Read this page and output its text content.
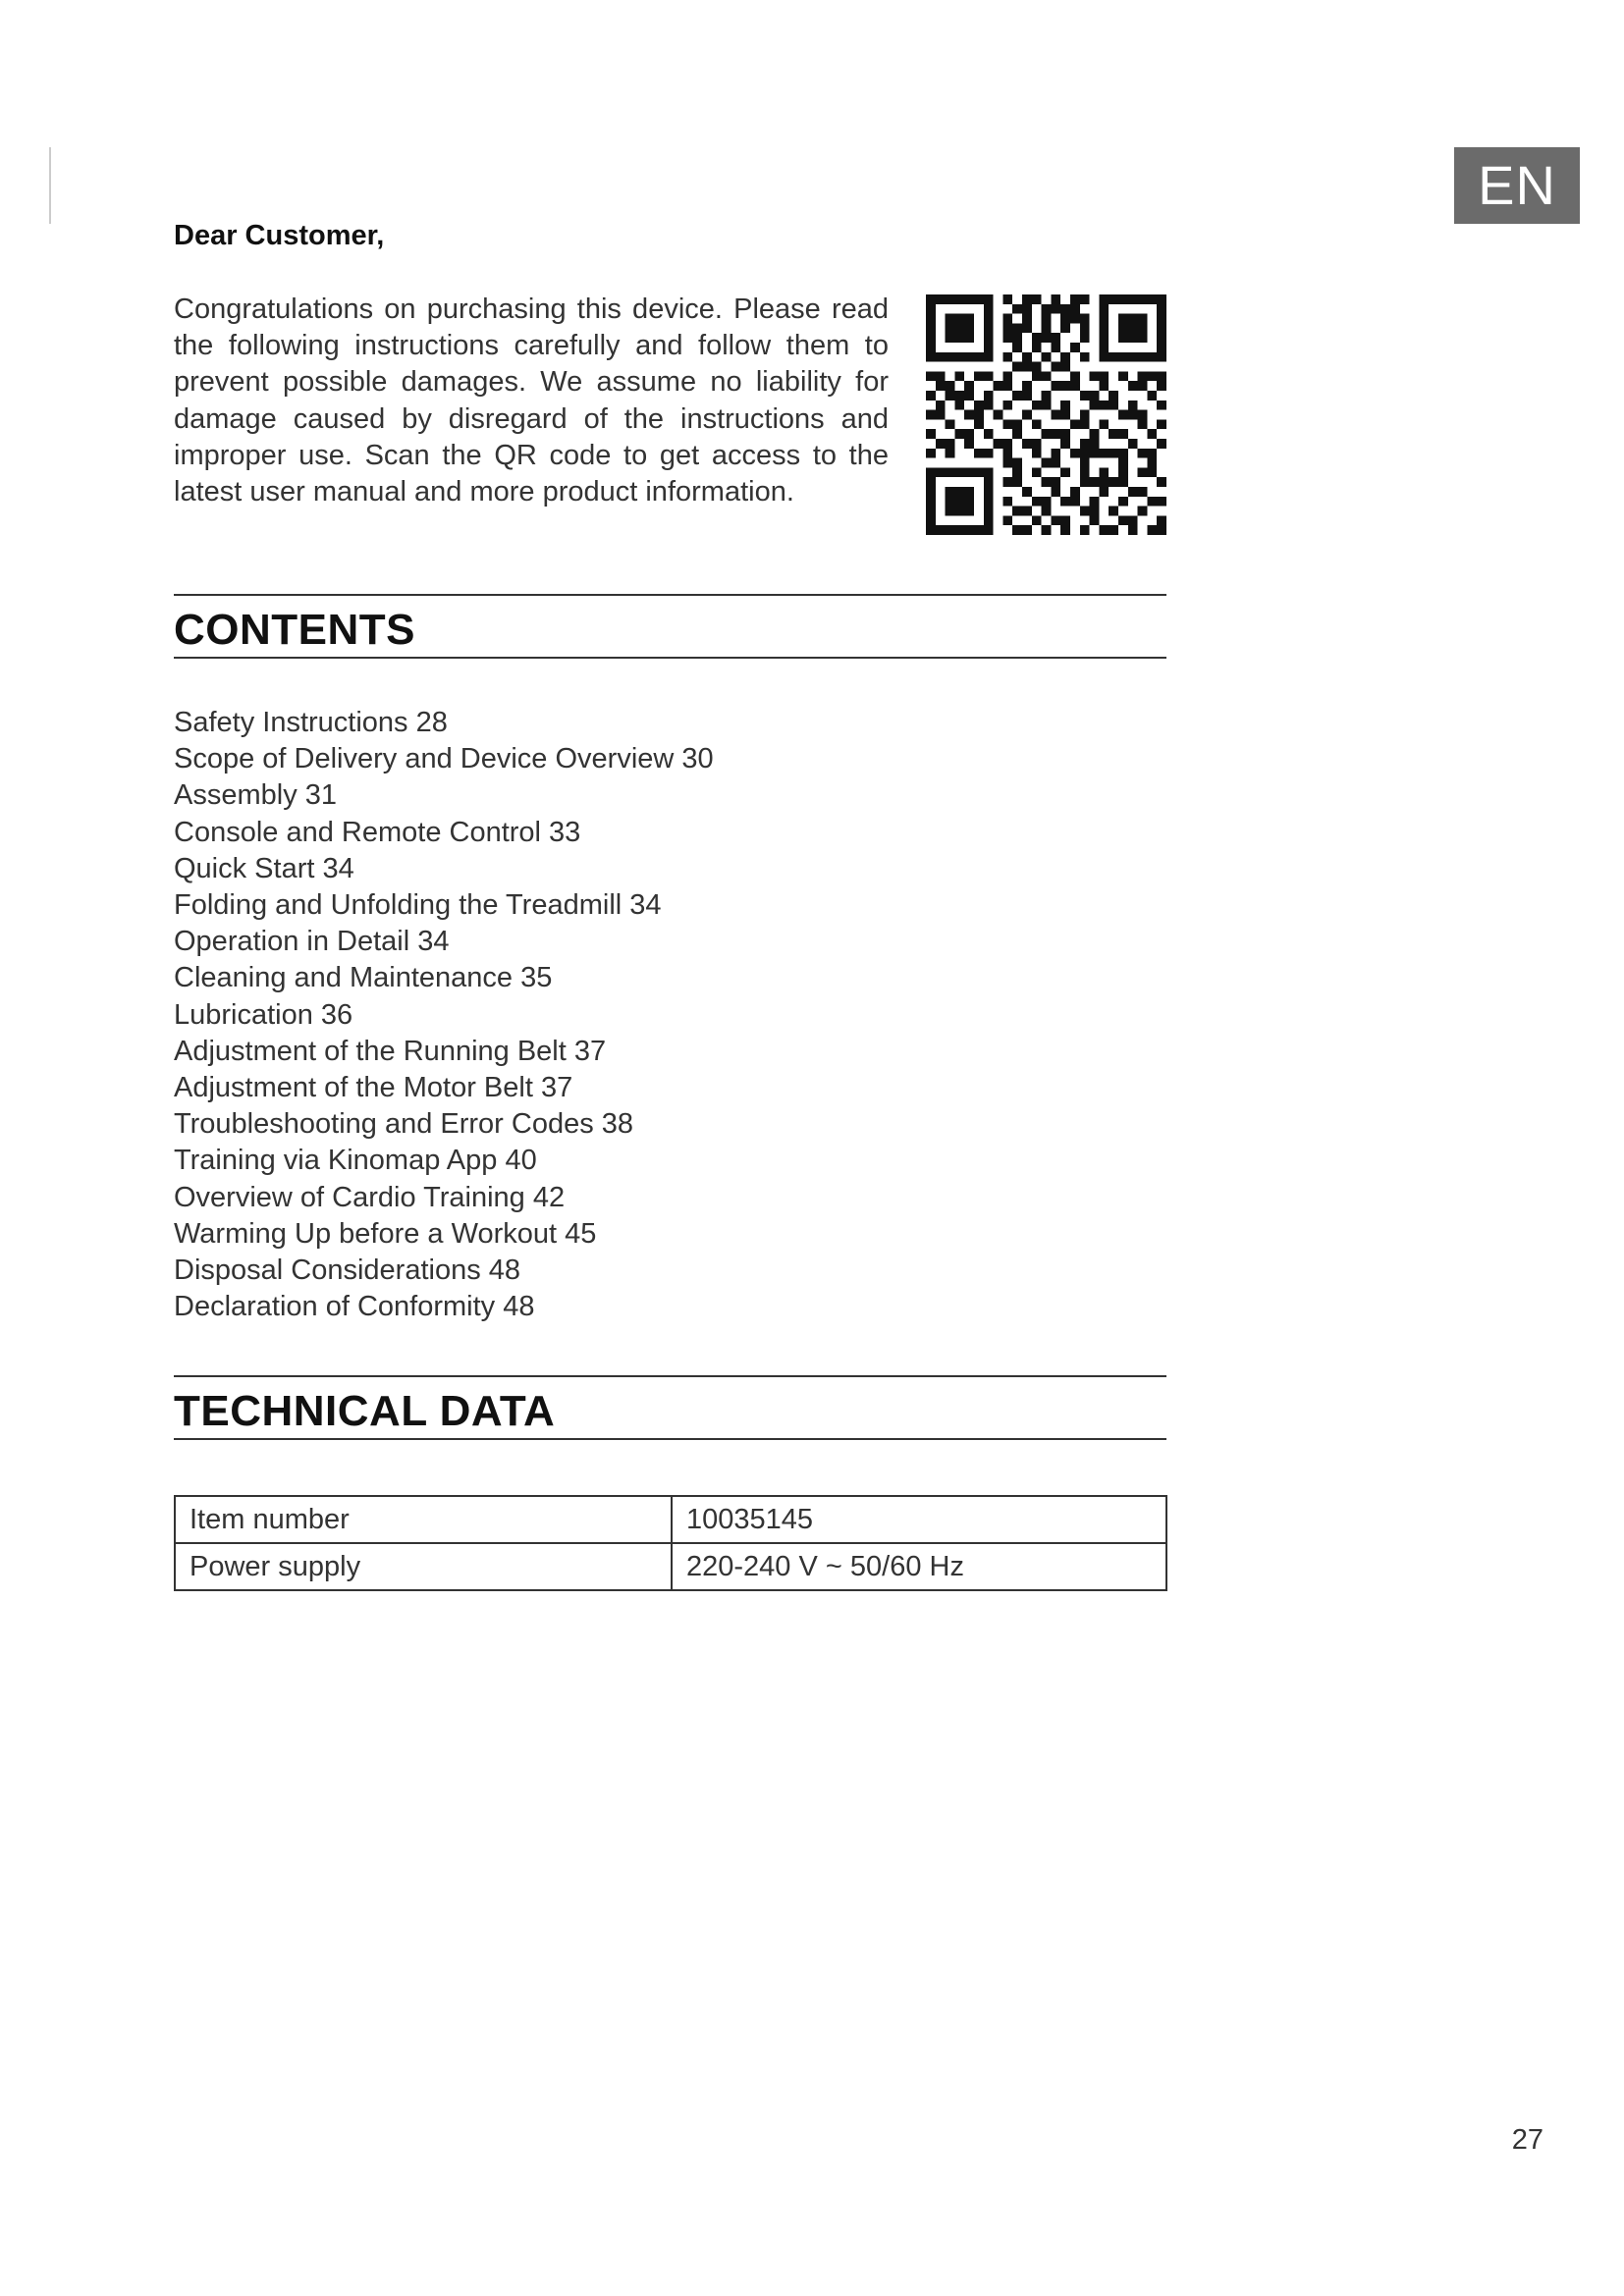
EN
Dear Customer,
Congratulations on purchasing this device. Please read the following instructions carefully and follow them to prevent possible damages. We assume no liability for damage caused by disregard of the instructions and improper use. Scan the QR code to get access to the latest user manual and more product information.
CONTENTS
Safety Instructions 28
Scope of Delivery and Device Overview 30
Assembly 31
Console and Remote Control 33
Quick Start 34
Folding and Unfolding the Treadmill 34
Operation in Detail 34
Cleaning and Maintenance 35
Lubrication 36
Adjustment of the Running Belt 37
Adjustment of the Motor Belt 37
Troubleshooting and Error Codes 38
Training via Kinomap App 40
Overview of Cardio Training 42
Warming Up before a Workout 45
Disposal Considerations 48
Declaration of Conformity 48
TECHNICAL DATA
Item number	10035145
Power supply	220-240 V ~ 50/60 Hz
27
